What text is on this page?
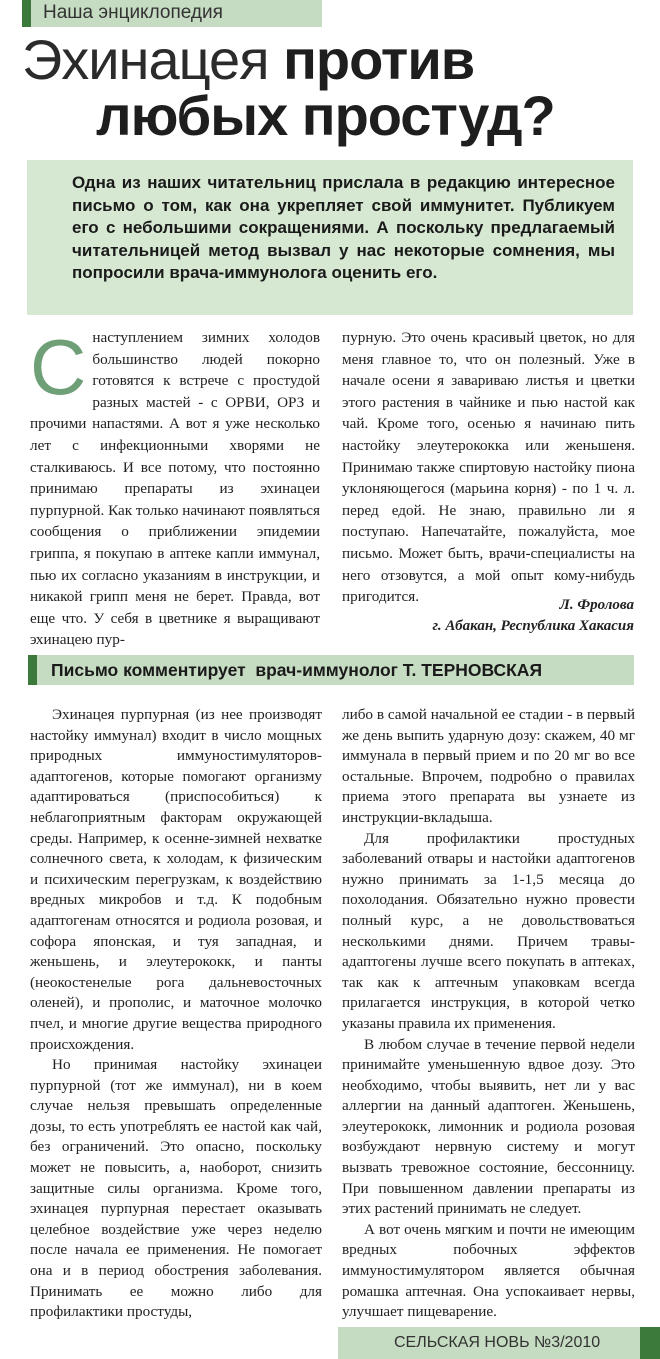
Наша энциклопедия
Эхинацея против
любых простуд?
Одна из наших читательниц прислала в редакцию интересное письмо о том, как она укрепляет свой иммунитет. Публикуем его с небольшими сокращениями. А поскольку предлагаемый читательницей метод вызвал у нас некоторые сомнения, мы попросили врача-иммунолога оценить его.

Снаступлением зимних холодов большинство людей покорно готовятся к встрече с простудой разных мастей - с ОРВИ, ОРЗ и прочими напастями. А вот я уже несколько лет с инфекционными хворями не сталкиваюсь. И все потому, что постоянно принимаю препараты из эхинацеи пурпурной. Как только начинают появляться сообщения о приближении эпидемии гриппа, я покупаю в аптеке капли иммунал, пью их согласно указаниям в инструкции, и никакой грипп меня не берет. Правда, вот еще что. У себя в цветнике я выращивают эхинацею пур-

пурную. Это очень красивый цветок, но для меня главное то, что он полезный. Уже в начале осени я завариваю листья и цветки этого растения в чайнике и пью настой как чай. Кроме того, осенью я начинаю пить настойку элеутерококка или женьшеня. Принимаю также спиртовую настойку пиона уклоняющегося (марьина корня) - по 1 ч. л. перед едой. Не знаю, правильно ли я поступаю. Напечатайте, пожалуйста, мое письмо. Может быть, врачи-специалисты на него отзовутся, а мой опыт кому-нибудь пригодится.	Л. Фролова
г. Абакан, Республика Хакасия
Письмо комментирует  врач-иммунолог Т. ТЕРНОВСКАЯ

Эхинацея пурпурная (из нее производят настойку иммунал) входит в число мощных природных иммуностимуляторов-адаптогенов, которые помогают организму адаптироваться (приспособиться) к неблагоприятным факторам окружающей среды. Например, к осенне-зимней нехватке солнечного света, к холодам, к физическим и психическим перегрузкам, к воздействию вредных микробов и т.д. К подобным адаптогенам относятся и родиола розовая, и софора японская, и туя западная, и женьшень, и элеутерококк, и панты (неокостенелые рога дальневосточных оленей), и прополис, и маточное молочко пчел, и многие другие вещества природного происхождения.

Но принимая настойку эхинацеи пурпурной (тот же иммунал), ни в коем случае нельзя превышать определенные дозы, то есть употреблять ее настой как чай, без ограничений. Это опасно, поскольку может не повысить, а, наоборот, снизить защитные силы организма. Кроме того, эхинацея пурпурная перестает оказывать целебное воздействие уже через неделю после начала ее применения. Не помогает она и в период обострения заболевания. Принимать ее можно либо для профилактики простуды,

либо в самой начальной ее стадии - в первый же день выпить ударную дозу: скажем, 40 мг иммунала в первый прием и по 20 мг во все остальные. Впрочем, подробно о правилах приема этого препарата вы узнаете из инструкции-вкладыша.

Для профилактики простудных заболеваний отвары и настойки адаптогенов нужно принимать за 1-1,5 месяца до похолодания. Обязательно нужно провести полный курс, а не довольствоваться несколькими днями. Причем травы-адаптогены лучше всего покупать в аптеках, так как к аптечным упаковкам всегда прилагается инструкция, в которой четко указаны правила их применения.

В любом случае в течение первой недели принимайте уменьшенную вдвое дозу. Это необходимо, чтобы выявить, нет ли у вас аллергии на данный адаптоген. Женьшень, элеутерококк, лимонник и родиола розовая возбуждают нервную систему и могут вызвать тревожное состояние, бессонницу. При повышенном давлении препараты из этих растений принимать не следует.

А вот очень мягким и почти не имеющим вредных побочных эффектов иммуностимулятором является обычная ромашка аптечная. Она успокаивает нервы, улучшает пищеварение.

СЕЛЬСКАЯ НОВЬ №3/2010
